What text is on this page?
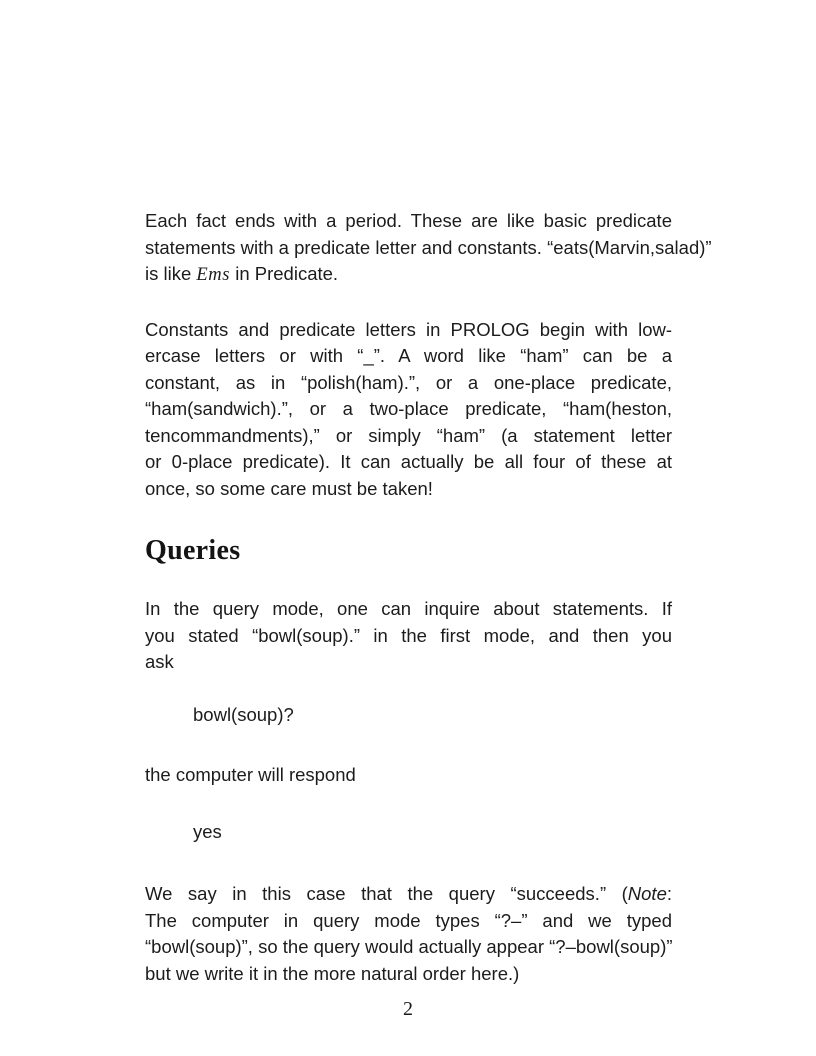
Each fact ends with a period. These are like basic predicate
statements with a predicate letter and constants. “eats(Marvin,salad)”
is like Ems in Predicate.
Constants and predicate letters in PROLOG begin with low-
ercase letters or with “_”. A word like “ham” can be a
constant, as in “polish(ham).”, or a one-place predicate,
“ham(sandwich).”, or a two-place predicate, “ham(heston,
tencommandments),” or simply “ham” (a statement letter
or 0-place predicate). It can actually be all four of these at
once, so some care must be taken!
Queries
In the query mode, one can inquire about statements. If
you stated “bowl(soup).” in the first mode, and then you
ask
bowl(soup)?
the computer will respond
yes
We say in this case that the query “succeeds.” (Note:
The computer in query mode types “?–” and we typed
“bowl(soup)”, so the query would actually appear “?–bowl(soup)”
but we write it in the more natural order here.)
2
